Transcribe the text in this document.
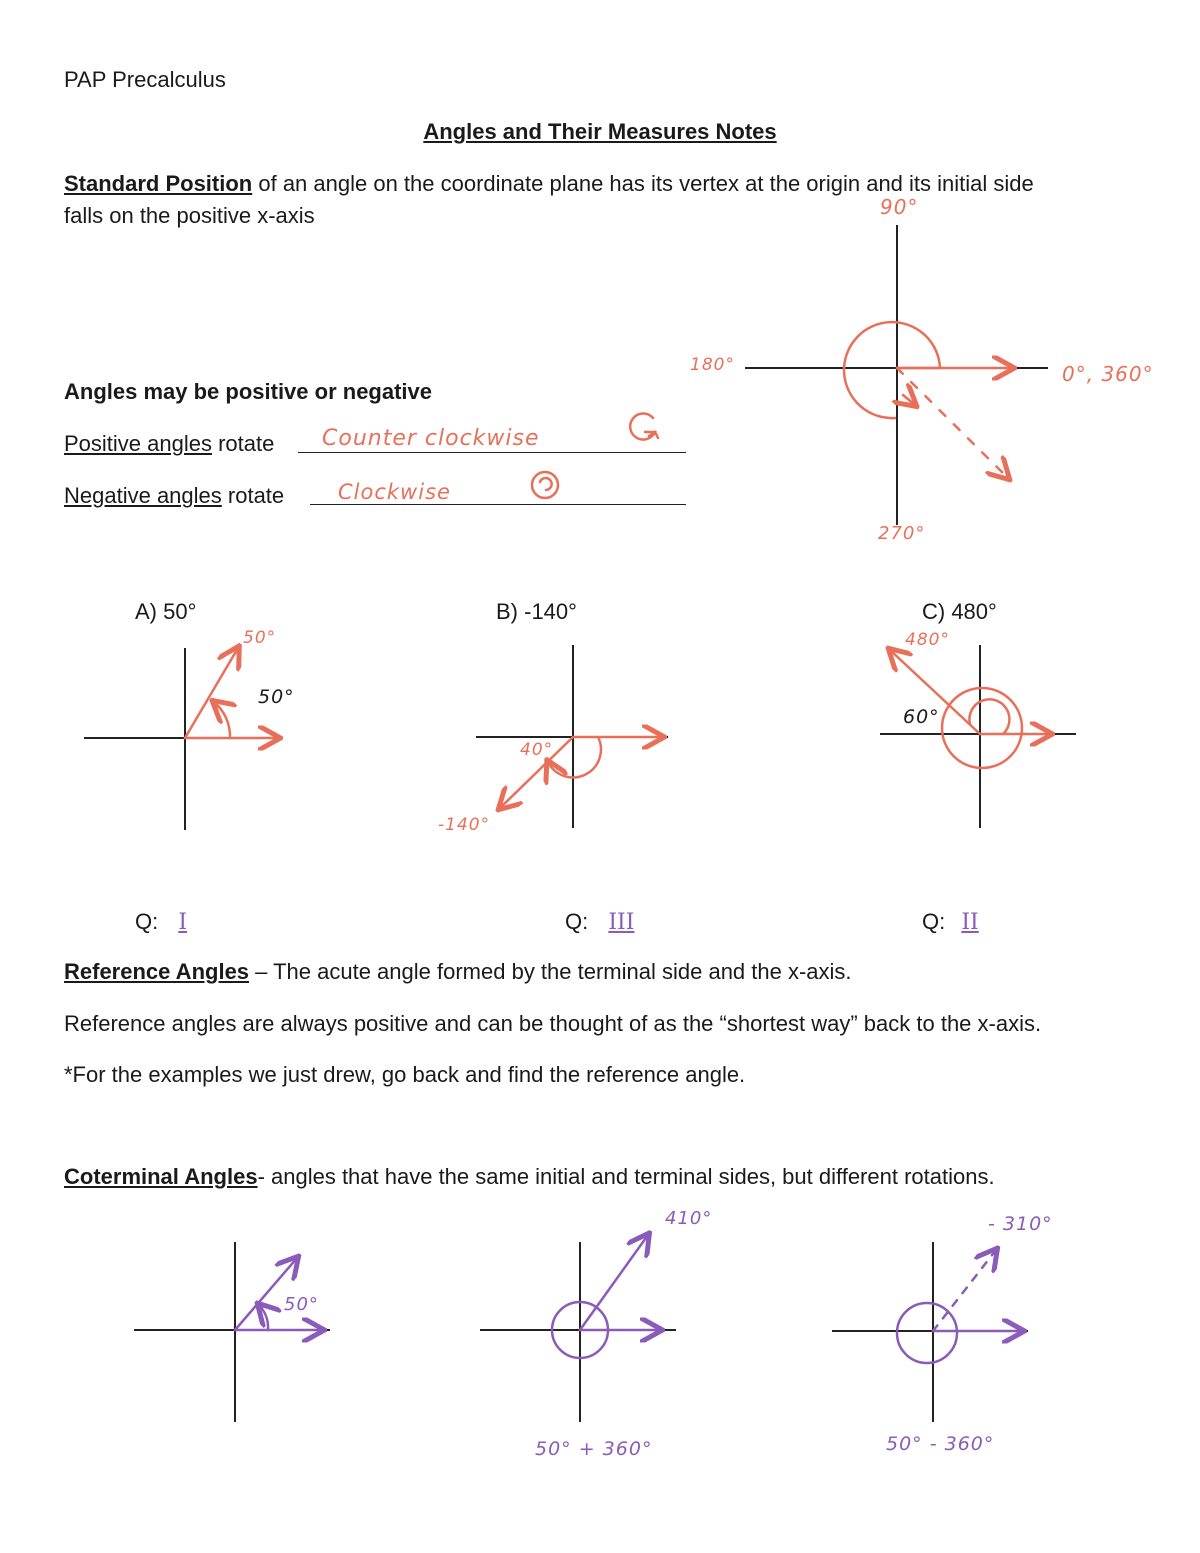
PAP Precalculus
Angles and Their Measures Notes
Standard Position of an angle on the coordinate plane has its vertex at the origin and its initial side
falls on the positive x-axis	90°
180°	0°, 360°
270°
Angles may be positive or negative
Positive angles rotate Counter clockwise
Negative angles rotate	Clockwise
A) 50°	B) -140°	C) 480°
50°
50°
-140°
40°
480°
60°
Q: I	Q: III	Q: II
Reference Angles – The acute angle formed by the terminal side and the x-axis.
Reference angles are always positive and can be thought of as the “shortest way” back to the x-axis.
*For the examples we just drew, go back and find the reference angle.
Coterminal Angles- angles that have the same initial and terminal sides, but different rotations.
50°
410°
50° + 360°
- 310°
50° - 360°
